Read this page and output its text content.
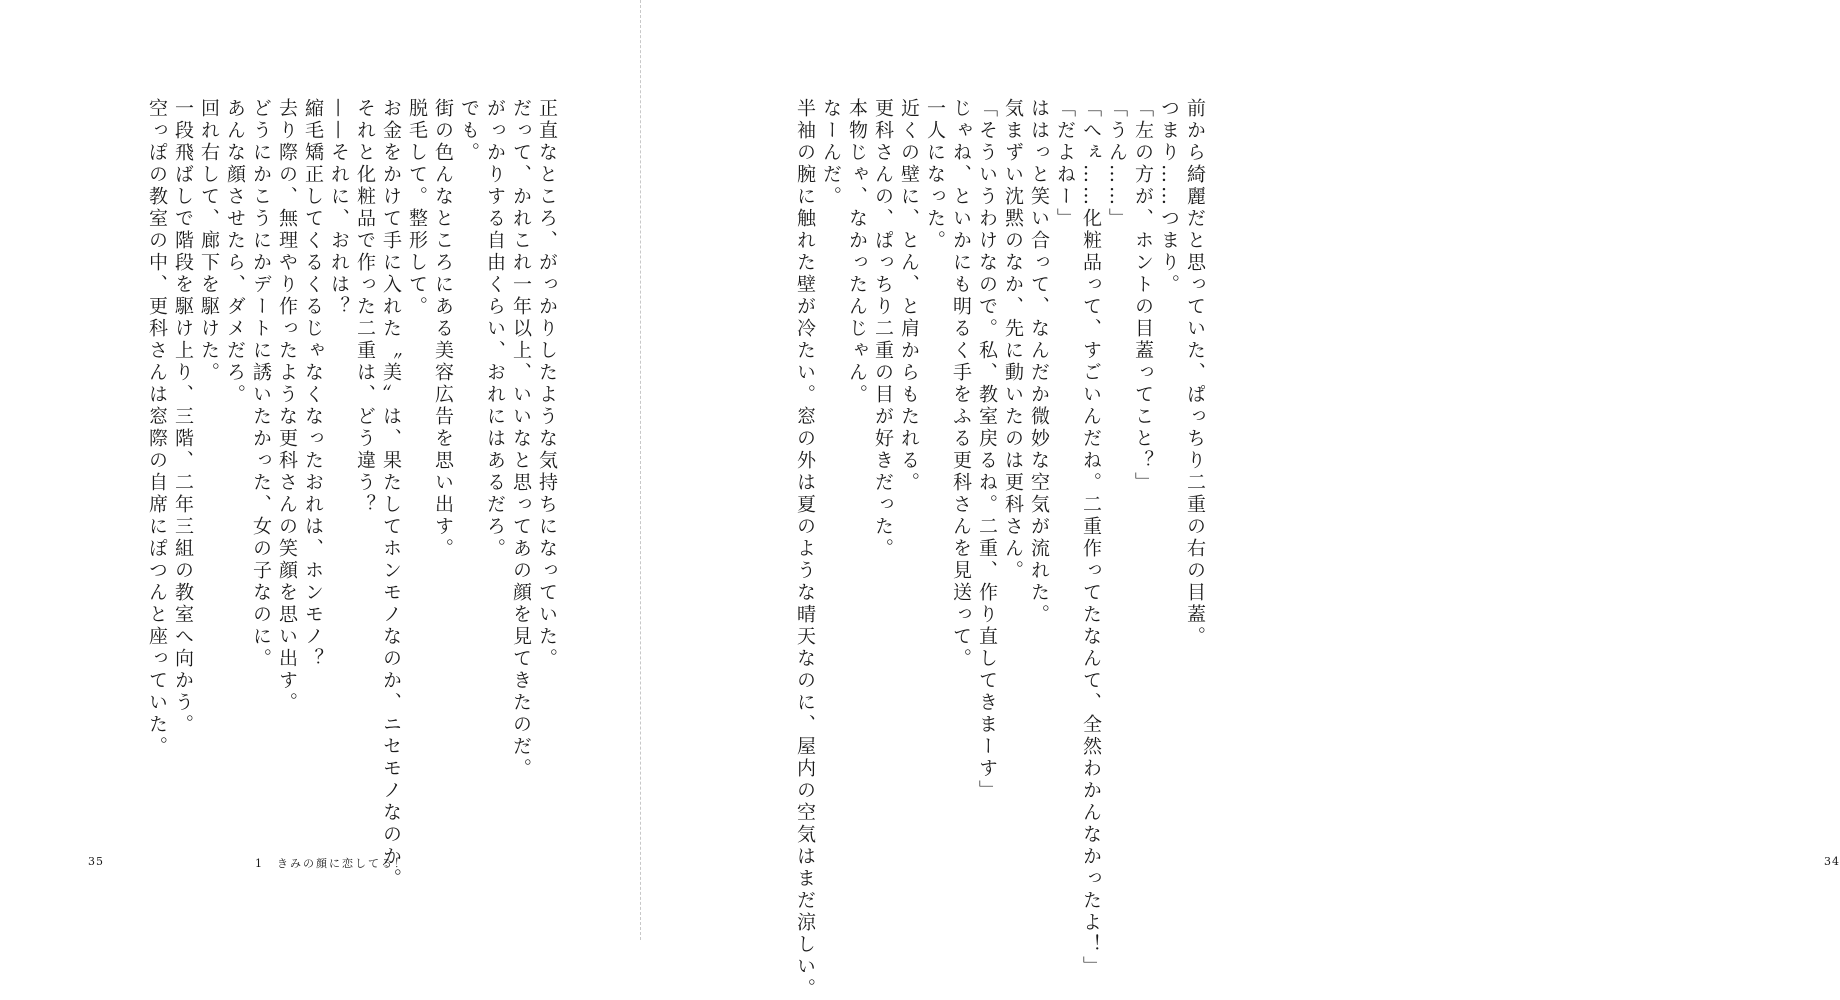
正直なところ、がっかりしたような気持ちになっていた。
だって、かれこれ一年以上、いいなと思ってあの顔を見てきたのだ。
がっかりする自由くらい、おれにはあるだろ。
でも。
街の色んなところにある美容広告を思い出す。
脱毛して。整形して。
お金をかけて手に入れた〝美〟は、果たしてホンモノなのか、ニセモノなのか。
それと化粧品で作った二重は、どう違う？
——それに、おれは？
縮毛矯正してくるくるじゃなくなったおれは、ホンモノ？
去り際の、無理やり作ったような更科さんの笑顔を思い出す。
どうにかこうにかデートに誘いたかった、女の子なのに。
あんな顔させたら、ダメだろ。
回れ右して、廊下を駆けた。
一段飛ばしで階段を駆け上り、三階、二年三組の教室へ向かう。
空っぽの教室の中、更科さんは窓際の自席にぽつんと座っていた。
35	1　きみの顔に恋してる！
前から綺麗だと思っていた、ぱっちり二重の右の目蓋。
つまり……つまり。
「左の方が、ホントの目蓋ってこと？」
「うん……」
「へぇ……化粧品って、すごいんだね。二重作ってたなんて、全然わかんなかったよ！」
「だよねー」
ははっと笑い合って、なんだか微妙な空気が流れた。
気まずい沈黙のなか、先に動いたのは更科さん。
「そういうわけなので。私、教室戻るね。二重、作り直してきまーす」
じゃね、といかにも明るく手をふる更科さんを見送って。
一人になった。
近くの壁に、とん、と肩からもたれる。
更科さんの、ぱっちり二重の目が好きだった。
本物じゃ、なかったんじゃん。
なーんだ。
半袖の腕に触れた壁が冷たい。窓の外は夏のような晴天なのに、屋内の空気はまだ涼しい。	34
